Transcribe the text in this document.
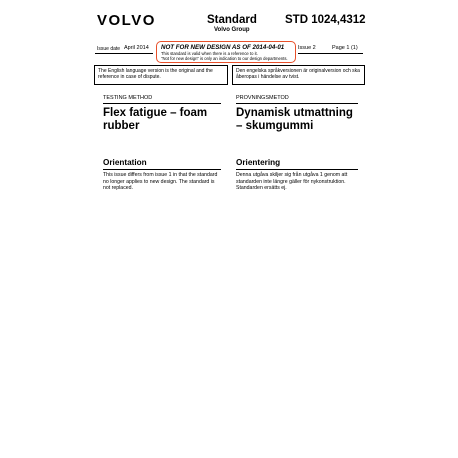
VOLVO	Standard
Volvo Group
STD 1024,4312
Issue date April 2014 NOT FOR NEW DESIGN AS OF 2014-04-01
This standard is valid when there is a reference to it.
"Not for new design" is only an indication to our design departments.
Issue 2	Page 1 (1)
The English language version is the original and the reference in case of dispute.
Den engelska språkversionen är originalversion och ska åberopas i händelse av tvist.
TESTING METHOD
Flex fatigue – foam rubber
Orientation
This issue differs from issue 1 in that the standard no longer applies to new design. The standard is not replaced.
PROVNINGSMETOD
Dynamisk utmattning – skumgummi
Orientering
Denna utgåva skiljer sig från utgåva 1 genom att standarden inte längre gäller för nykonstruktion. Standarden ersätts ej.
